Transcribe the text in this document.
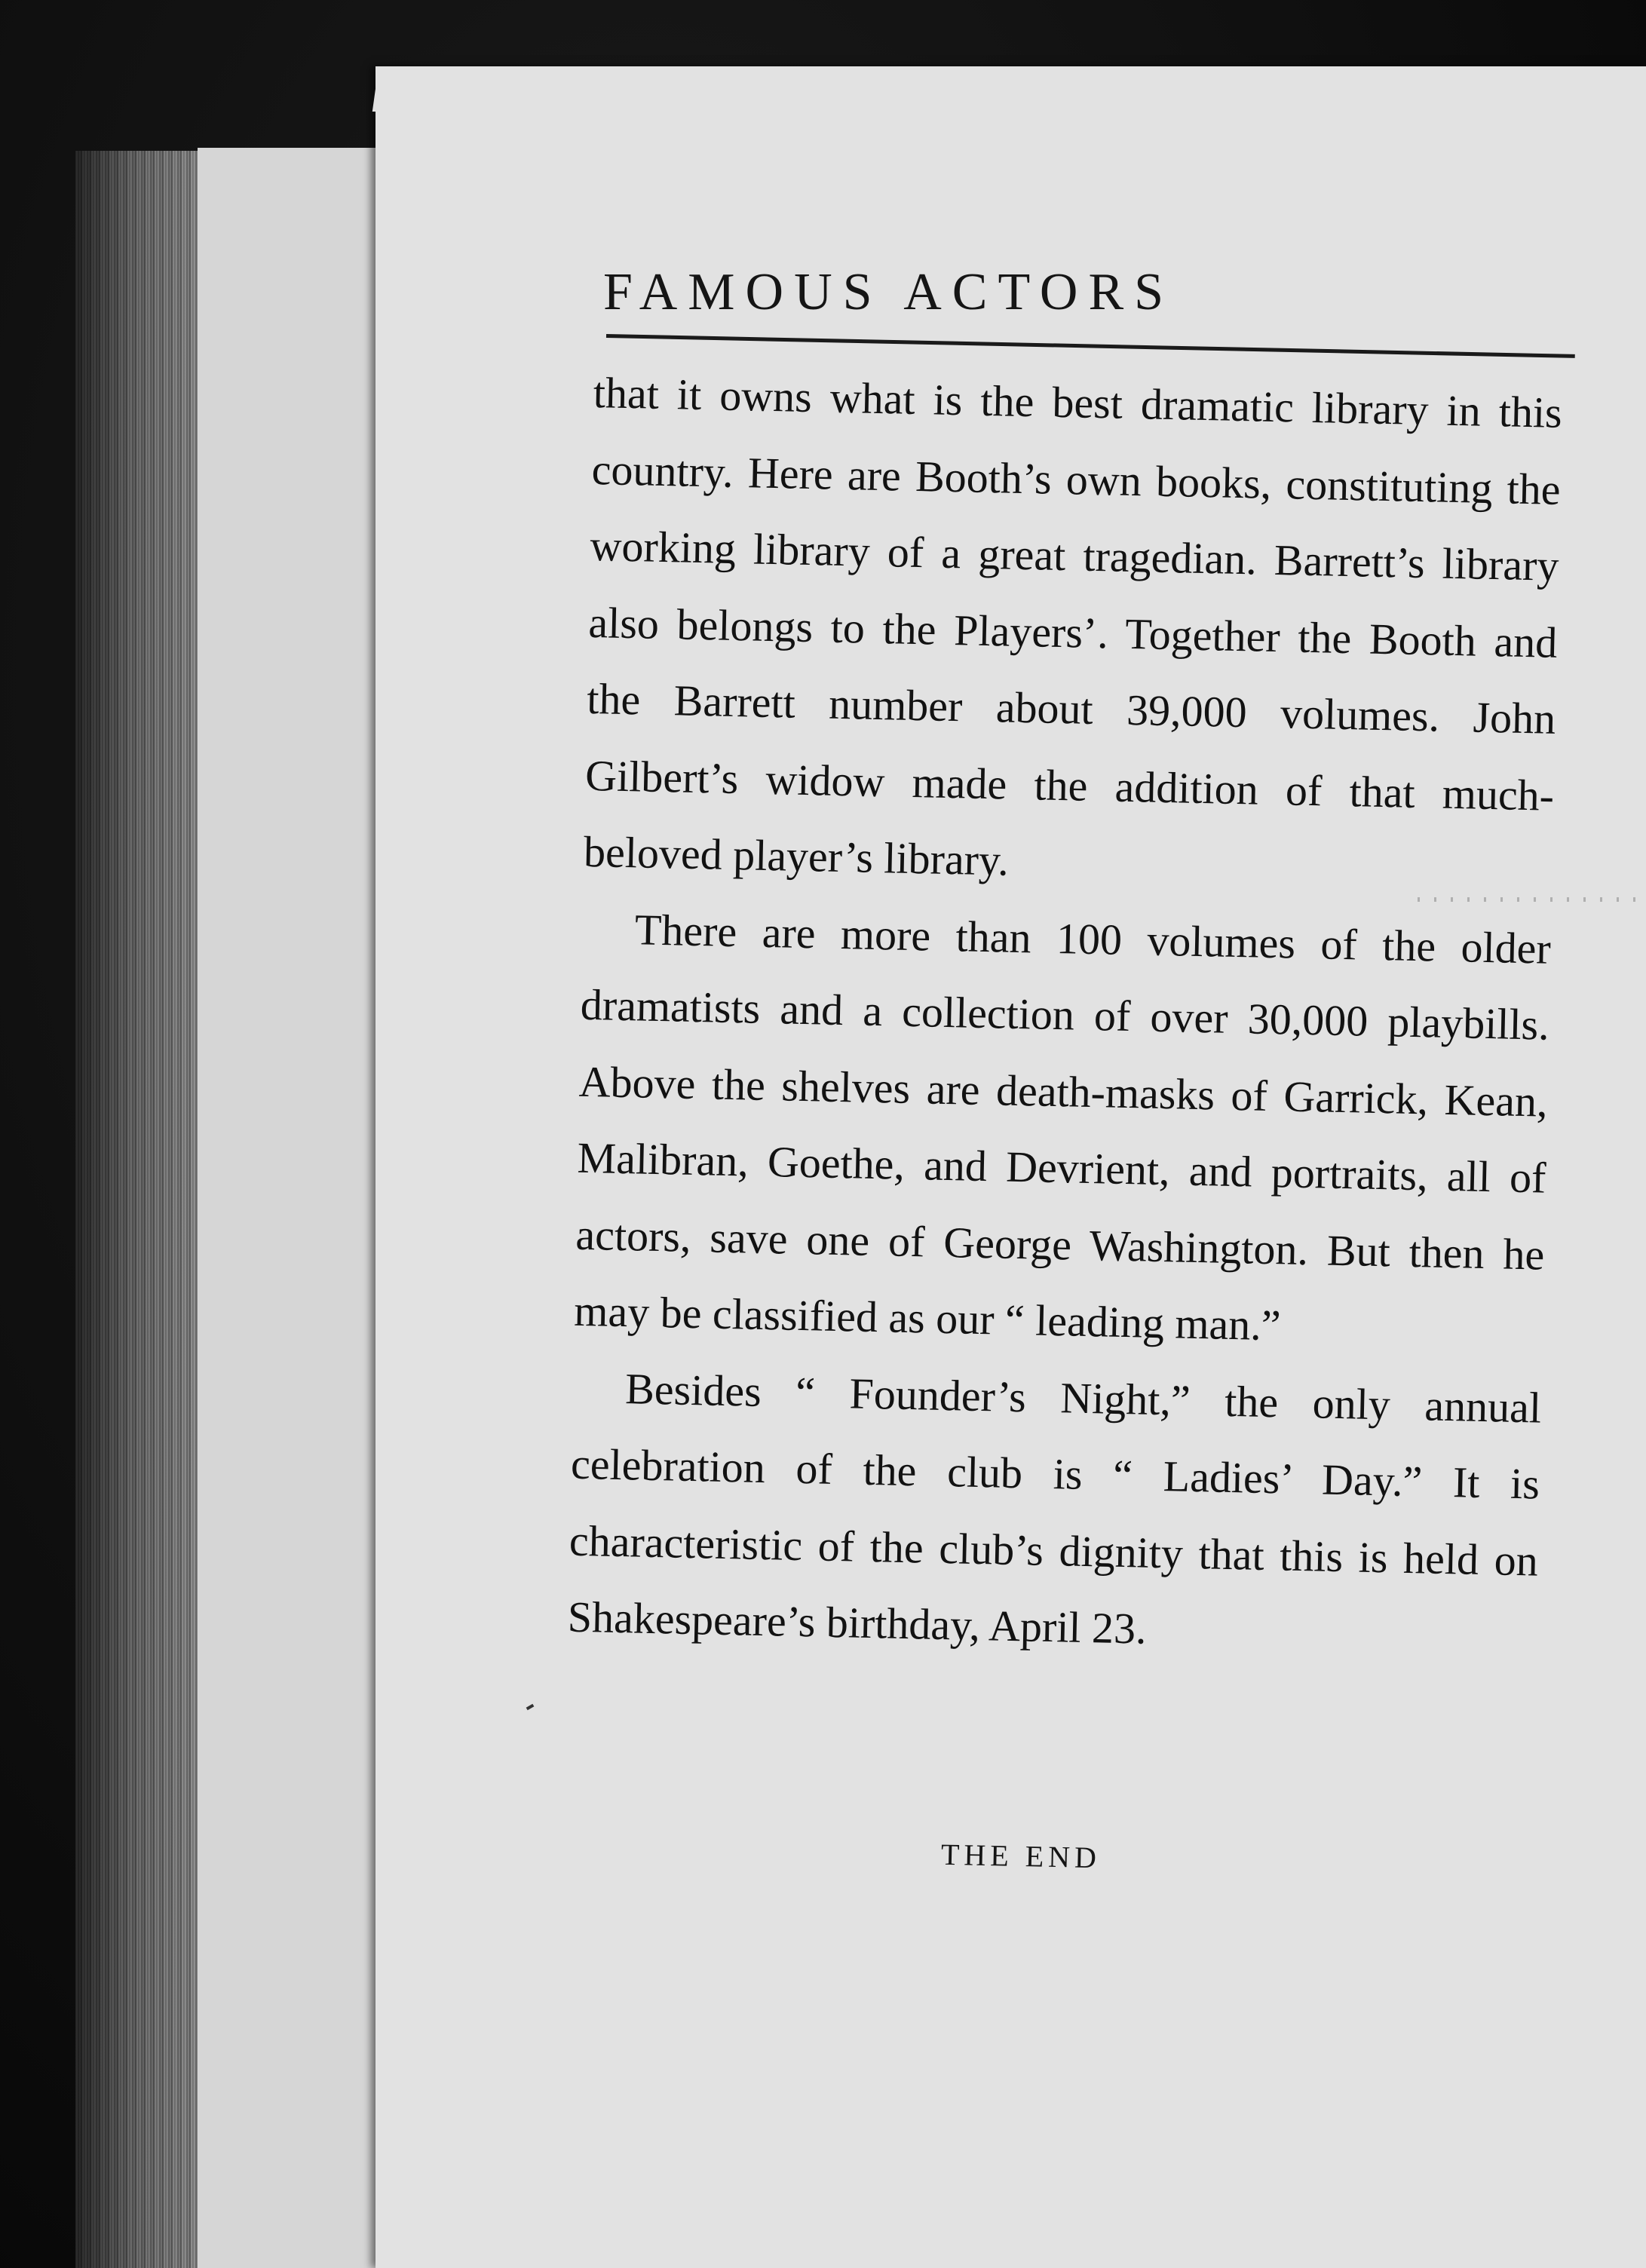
FAMOUS ACTORS

that it owns what is the best dramatic library in this country. Here are Booth’s own books, constituting the working library of a great tragedian. Barrett’s library also belongs to the Players’. Together the Booth and the Barrett number about 39,000 volumes. John Gilbert’s widow made the addition of that much-beloved player’s library.

There are more than 100 volumes of the older dramatists and a collection of over 30,000 playbills. Above the shelves are death-masks of Garrick, Kean, Malibran, Goethe, and Devrient, and portraits, all of actors, save one of George Washington. But then he may be classified as our “ leading man.”

Besides “ Founder’s Night,” the only annual celebration of the club is “ Ladies’ Day.” It is characteristic of the club’s dignity that this is held on Shakespeare’s birthday, April 23.

THE END
